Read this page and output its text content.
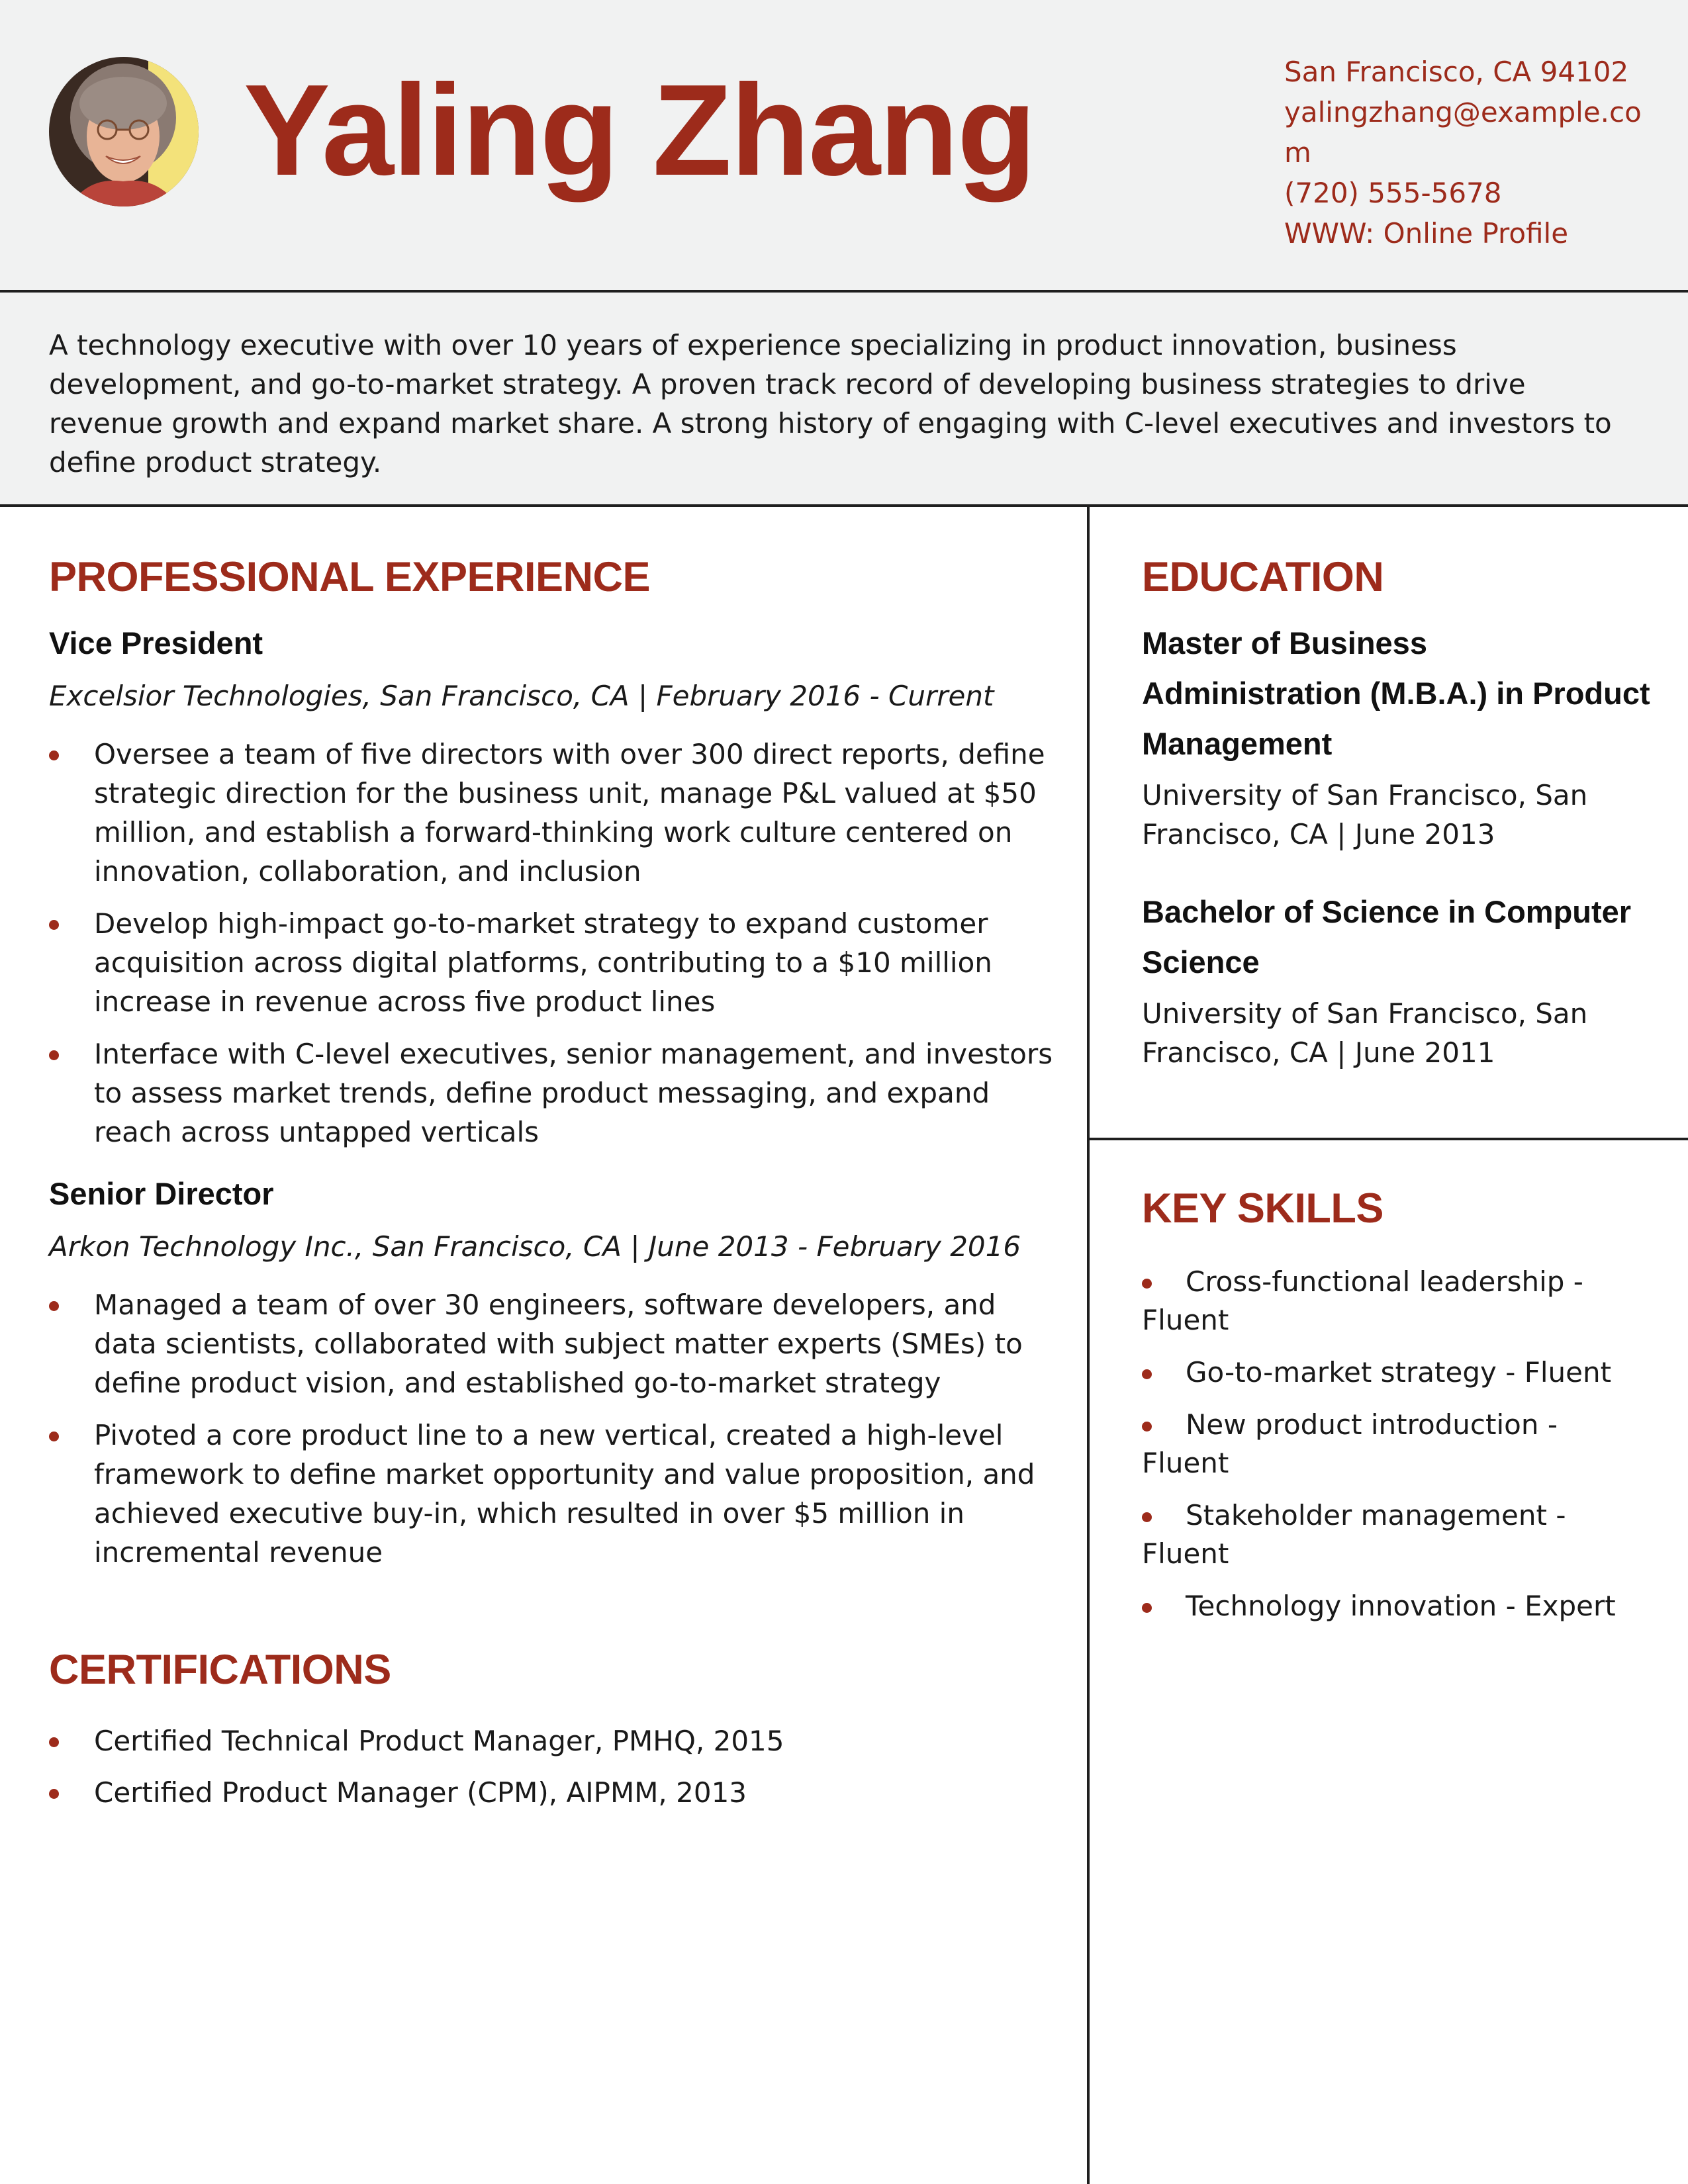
Yaling Zhang	San Francisco, CA 94102
yalingzhang@example.com
(720) 555-5678
WWW: Online Profile
A technology executive with over 10 years of experience specializing in product innovation, business development, and go-to-market strategy. A proven track record of developing business strategies to drive revenue growth and expand market share. A strong history of engaging with C-level executives and investors to define product strategy.
PROFESSIONAL EXPERIENCE
Vice President
Excelsior Technologies, San Francisco, CA | February 2016 - Current
Oversee a team of five directors with over 300 direct reports, define strategic direction for the business unit, manage P&L valued at $50 million, and establish a forward-thinking work culture centered on innovation, collaboration, and inclusion
Develop high-impact go-to-market strategy to expand customer acquisition across digital platforms, contributing to a $10 million increase in revenue across five product lines
Interface with C-level executives, senior management, and investors to assess market trends, define product messaging, and expand reach across untapped verticals
Senior Director
Arkon Technology Inc., San Francisco, CA | June 2013 - February 2016
Managed a team of over 30 engineers, software developers, and data scientists, collaborated with subject matter experts (SMEs) to define product vision, and established go-to-market strategy
Pivoted a core product line to a new vertical, created a high-level framework to define market opportunity and value proposition, and achieved executive buy-in, which resulted in over $5 million in incremental revenue
CERTIFICATIONS
Certified Technical Product Manager, PMHQ, 2015
Certified Product Manager (CPM), AIPMM, 2013
EDUCATION
Master of Business Administration (M.B.A.) in Product Management
University of San Francisco, San Francisco, CA | June 2013
Bachelor of Science in Computer Science
University of San Francisco, San Francisco, CA | June 2011
KEY SKILLS
Cross-functional leadership - Fluent
Go-to-market strategy - Fluent
New product introduction - Fluent
Stakeholder management - Fluent
Technology innovation - Expert
